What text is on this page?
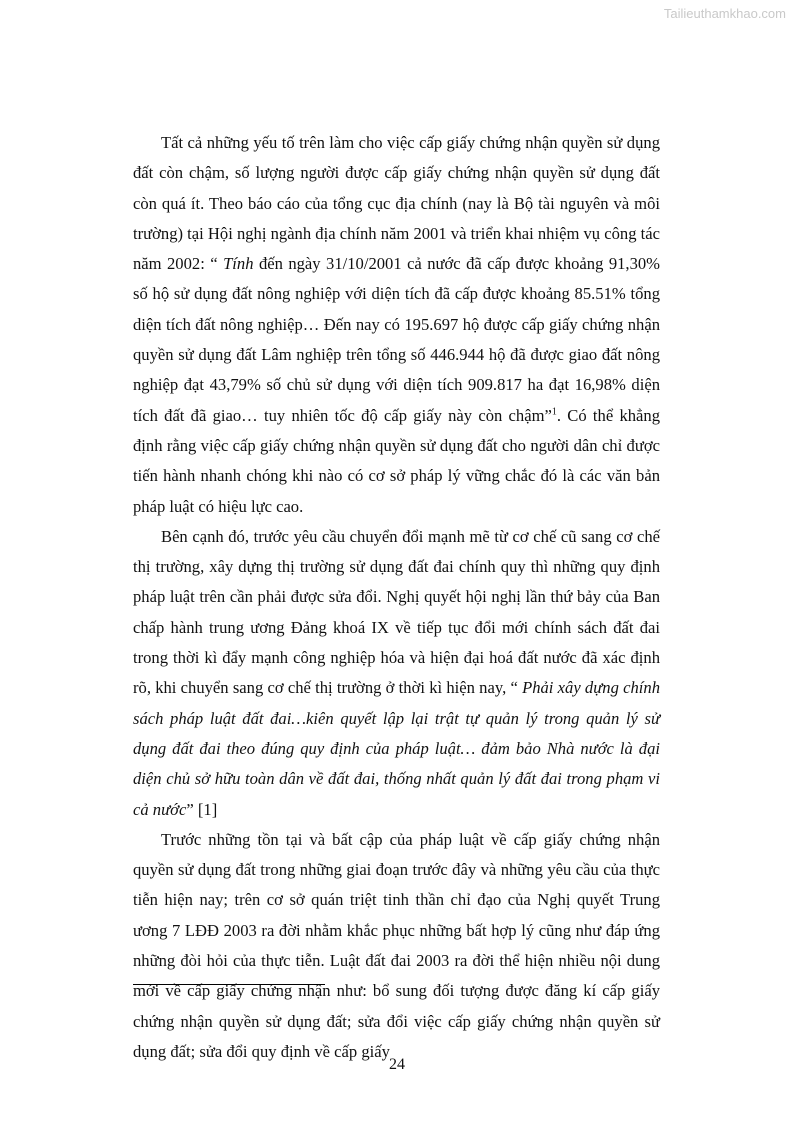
Tailieuthamkhao.com

Tất cả những yếu tố trên làm cho việc cấp giấy chứng nhận quyền sử dụng đất còn chậm, số lượng người được cấp giấy chứng nhận quyền sử dụng đất còn quá ít. Theo báo cáo của tổng cục địa chính (nay là Bộ tài nguyên và môi trường) tại Hội nghị ngành địa chính năm 2001 và triển khai nhiệm vụ công tác năm 2002: “ Tính đến ngày 31/10/2001 cả nước đã cấp được khoảng 91,30% số hộ sử dụng đất nông nghiệp với diện tích đã cấp được khoảng 85.51% tổng diện tích đất nông nghiệp… Đến nay có 195.697 hộ được cấp giấy chứng nhận quyền sử dụng đất Lâm nghiệp trên tổng số 446.944 hộ đã được giao đất nông nghiệp đạt 43,79% số chủ sử dụng với diện tích 909.817 ha đạt 16,98% diện tích đất đã giao… tuy nhiên tốc độ cấp giấy này còn chậm”$^1$. Có thể khẳng định rằng việc cấp giấy chứng nhận quyền sử dụng đất cho người dân chỉ được tiến hành nhanh chóng khi nào có cơ sở pháp lý vững chắc đó là các văn bản pháp luật có hiệu lực cao.

Bên cạnh đó, trước yêu cầu chuyển đổi mạnh mẽ từ cơ chế cũ sang cơ chế thị trường, xây dựng thị trường sử dụng đất đai chính quy thì những quy định pháp luật trên cần phải được sửa đổi. Nghị quyết hội nghị lần thứ bảy của Ban chấp hành trung ương Đảng khoá IX về tiếp tục đổi mới chính sách đất đai trong thời kì đẩy mạnh công nghiệp hóa và hiện đại hoá đất nước đã xác định rõ, khi chuyển sang cơ chế thị trường ở thời kì hiện nay, “ Phải xây dựng chính sách pháp luật đất đai…kiên quyết lập lại trật tự quản lý trong quản lý sử dụng đất đai theo đúng quy định của pháp luật… đảm bảo Nhà nước là đại diện chủ sở hữu toàn dân về đất đai, thống nhất quản lý đất đai trong phạm vi cả nước” [1]

Trước những tồn tại và bất cập của pháp luật về cấp giấy chứng nhận quyền sử dụng đất trong những giai đoạn trước đây và những yêu cầu của thực tiễn hiện nay; trên cơ sở quán triệt tinh thần chỉ đạo của Nghị quyết Trung ương 7 LĐĐ 2003 ra đời nhằm khắc phục những bất hợp lý cũng như đáp ứng những đòi hỏi của thực tiễn. Luật đất đai 2003 ra đời thể hiện nhiều nội dung mới về cấp giấy chứng nhận như: bổ sung đối tượng được đăng kí cấp giấy chứng nhận quyền sử dụng đất; sửa đổi việc cấp giấy chứng nhận quyền sử dụng đất; sửa đổi quy định về cấp giấy

24
